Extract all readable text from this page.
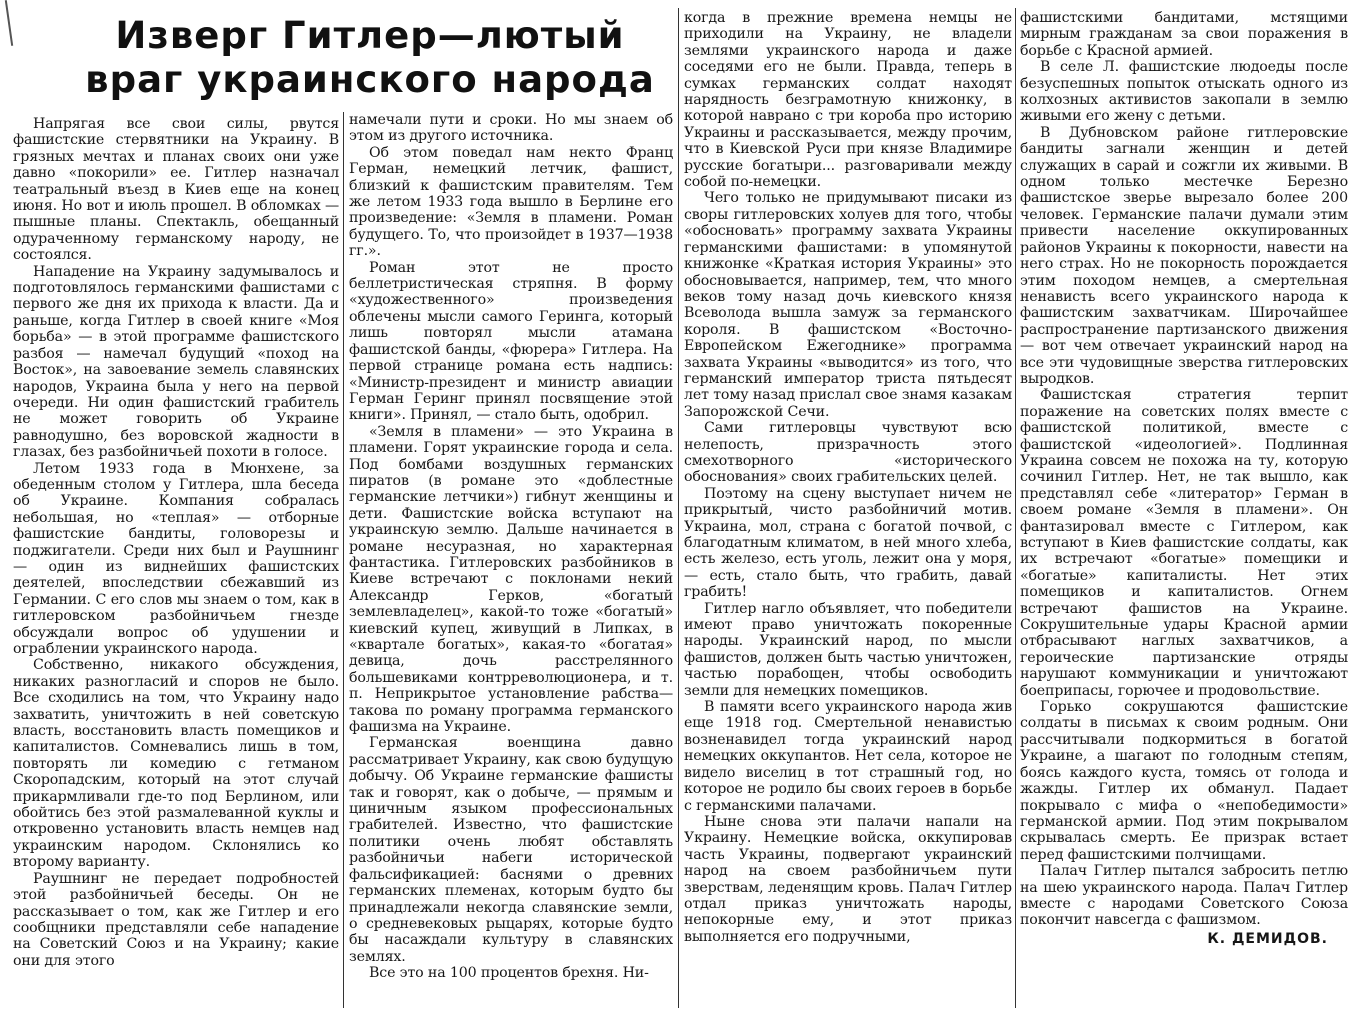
Изверг Гитлер—лютый
враг украинского народа

Напрягая все свои силы, рвутся фашистские стервятники на Украину. В грязных мечтах и планах своих они уже давно «покорили» ее. Гитлер назначал театральный въезд в Киев еще на конец июня. Но вот и июль прошел. В обломках — пышные планы. Спектакль, обещанный одураченному германскому народу, не состоялся.

Нападение на Украину задумывалось и подготовлялось германскими фашистами с первого же дня их прихода к власти. Да и раньше, когда Гитлер в своей книге «Моя борьба» — в этой программе фашистского разбоя — намечал будущий «поход на Восток», на завоевание земель славянских народов, Украина была у него на первой очереди. Ни один фашистский грабитель не может говорить об Украине равнодушно, без воровской жадности в глазах, без разбойничьей похоти в голосе.

Летом 1933 года в Мюнхене, за обеденным столом у Гитлера, шла беседа об Украине. Компания собралась небольшая, но «теплая» — отборные фашистские бандиты, головорезы и поджигатели. Среди них был и Раушнинг — один из виднейших фашистских деятелей, впоследствии сбежавший из Германии. С его слов мы знаем о том, как в гитлеровском разбойничьем гнезде обсуждали вопрос об удушении и ограблении украинского народа.

Собственно, никакого обсуждения, никаких разногласий и споров не было. Все сходились на том, что Украину надо захватить, уничтожить в ней советскую власть, восстановить власть помещиков и капиталистов. Сомневались лишь в том, повторять ли комедию с гетманом Скоропадским, который на этот случай прикармливали где-то под Берлином, или обойтись без этой размалеванной куклы и откровенно установить власть немцев над украинским народом. Склонялись ко второму варианту.

Раушнинг не передает подробностей этой разбойничьей беседы. Он не рассказывает о том, как же Гитлер и его сообщники представляли себе нападение на Советский Союз и на Украину; какие они для этого

намечали пути и сроки. Но мы знаем об этом из другого источника.

Об этом поведал нам некто Франц Герман, немецкий летчик, фашист, близкий к фашистским правителям. Тем же летом 1933 года вышло в Берлине его произведение: «Земля в пламени. Роман будущего. То, что произойдет в 1937—1938 гг.».

Роман этот не просто беллетристическая стряпня. В форму «художественного» произведения облечены мысли самого Геринга, который лишь повторял мысли атамана фашистской банды, «фюрера» Гитлера. На первой странице романа есть надпись: «Министр-президент и министр авиации Герман Геринг принял посвящение этой книги». Принял, — стало быть, одобрил.

«Земля в пламени» — это Украина в пламени. Горят украинские города и села. Под бомбами воздушных германских пиратов (в романе это «доблестные германские летчики») гибнут женщины и дети. Фашистские войска вступают на украинскую землю. Дальше начинается в романе несуразная, но характерная фантастика. Гитлеровских разбойников в Киеве встречают с поклонами некий Александр Герков, «богатый землевладелец», какой-то тоже «богатый» киевский купец, живущий в Липках, в «квартале богатых», какая-то «богатая» девица, дочь расстрелянного большевиками контрреволюционера, и т. п. Неприкрытое установление рабства—такова по роману программа германского фашизма на Украине.

Германская военщина давно рассматривает Украину, как свою будущую добычу. Об Украине германские фашисты так и говорят, как о добыче, — прямым и циничным языком профессиональных грабителей. Известно, что фашистские политики очень любят обставлять разбойничьи набеги исторической фальсификацией: баснями о древних германских племенах, которым будто бы принадлежали некогда славянские земли, о средневековых рыцарях, которые будто бы насаждали культуру в славянских землях.

Все это на 100 процентов брехня. Ни-

когда в прежние времена немцы не приходили на Украину, не владели землями украинского народа и даже соседями его не были. Правда, теперь в сумках германских солдат находят нарядность безграмотную книжонку, в которой наврано с три короба про историю Украины и рассказывается, между прочим, что в Киевской Руси при князе Владимире русские богатыри... разговаривали между собой по-немецки.

Чего только не придумывают писаки из своры гитлеровских холуев для того, чтобы «обосновать» программу захвата Украины германскими фашистами: в упомянутой книжонке «Краткая история Украины» это обосновывается, например, тем, что много веков тому назад дочь киевского князя Всеволода вышла замуж за германского короля. В фашистском «Восточно-Европейском Ежегоднике» программа захвата Украины «выводится» из того, что германский император триста пятьдесят лет тому назад прислал свое знамя казакам Запорожской Сечи.

Сами гитлеровцы чувствуют всю нелепость, призрачность этого смехотворного «исторического обоснования» своих грабительских целей.

Поэтому на сцену выступает ничем не прикрытый, чисто разбойничий мотив. Украина, мол, страна с богатой почвой, с благодатным климатом, в ней много хлеба, есть железо, есть уголь, лежит она у моря, — есть, стало быть, что грабить, давай грабить!

Гитлер нагло объявляет, что победители имеют право уничтожать покоренные народы. Украинский народ, по мысли фашистов, должен быть частью уничтожен, частью порабощен, чтобы освободить земли для немецких помещиков.

В памяти всего украинского народа жив еще 1918 год. Смертельной ненавистью возненавидел тогда украинский народ немецких оккупантов. Нет села, которое не видело виселиц в тот страшный год, но которое не родило бы своих героев в борьбе с германскими палачами.

Ныне снова эти палачи напали на Украину. Немецкие войска, оккупировав часть Украины, подвергают украинский народ на своем разбойничьем пути зверствам, леденящим кровь. Палач Гитлер отдал приказ уничтожать народы, непокорные ему, и этот приказ выполняется его подручными,

фашистскими бандитами, мстящими мирным гражданам за свои поражения в борьбе с Красной армией.

В селе Л. фашистские людоеды после безуспешных попыток отыскать одного из колхозных активистов закопали в землю живыми его жену с детьми.

В Дубновском районе гитлеровские бандиты загнали женщин и детей служащих в сарай и сожгли их живыми. В одном только местечке Березно фашистское зверье вырезало более 200 человек. Германские палачи думали этим привести население оккупированных районов Украины к покорности, навести на него страх. Но не покорность порождается этим походом немцев, а смертельная ненависть всего украинского народа к фашистским захватчикам. Широчайшее распространение партизанского движения — вот чем отвечает украинский народ на все эти чудовищные зверства гитлеровских выродков.

Фашистская стратегия терпит поражение на советских полях вместе с фашистской политикой, вместе с фашистской «идеологией». Подлинная Украина совсем не похожа на ту, которую сочинил Гитлер. Нет, не так вышло, как представлял себе «литератор» Герман в своем романе «Земля в пламени». Он фантазировал вместе с Гитлером, как вступают в Киев фашистские солдаты, как их встречают «богатые» помещики и «богатые» капиталисты. Нет этих помещиков и капиталистов. Огнем встречают фашистов на Украине. Сокрушительные удары Красной армии отбрасывают наглых захватчиков, а героические партизанские отряды нарушают коммуникации и уничтожают боеприпасы, горючее и продовольствие.

Горько сокрушаются фашистские солдаты в письмах к своим родным. Они рассчитывали подкормиться в богатой Украине, а шагают по голодным степям, боясь каждого куста, томясь от голода и жажды. Гитлер их обманул. Падает покрывало с мифа о «непобедимости» германской армии. Под этим покрывалом скрывалась смерть. Ее призрак встает перед фашистскими полчищами.

Палач Гитлер пытался забросить петлю на шею украинского народа. Палач Гитлер вместе с народами Советского Союза покончит навсегда с фашизмом.

К. ДЕМИДОВ.
